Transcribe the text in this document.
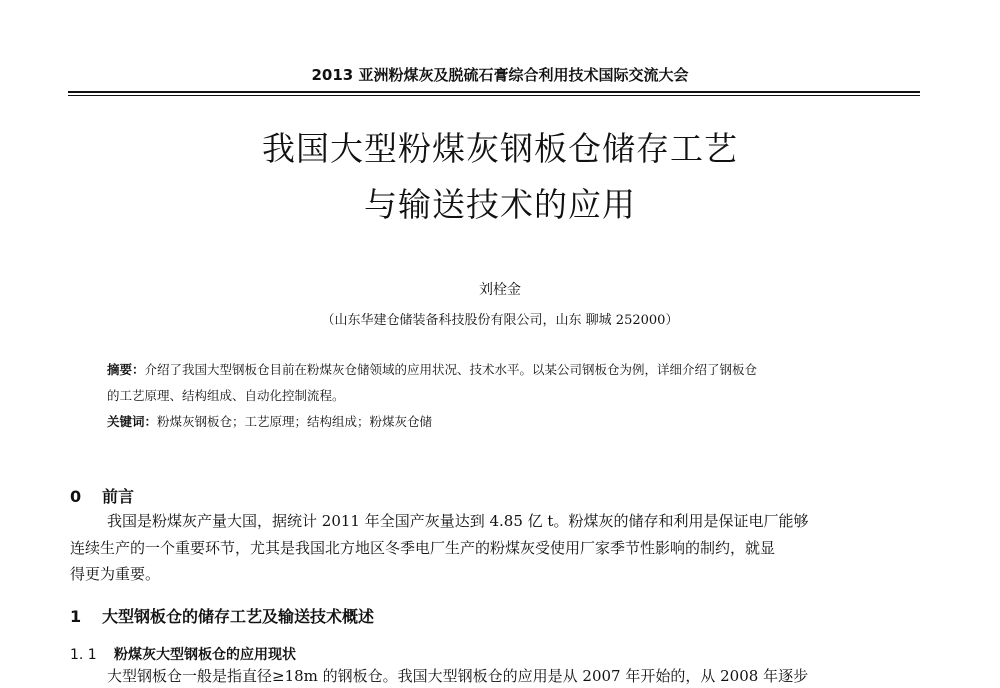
2013 亚洲粉煤灰及脱硫石膏综合利用技术国际交流大会
我国大型粉煤灰钢板仓储存工艺
与输送技术的应用
刘栓金
（山东华建仓储装备科技股份有限公司，山东 聊城 252000）
摘要：介绍了我国大型钢板仓目前在粉煤灰仓储领域的应用状况、技术水平。以某公司钢板仓为例，详细介绍了钢板仓
的工艺原理、结构组成、自动化控制流程。
关键词：粉煤灰钢板仓；工艺原理；结构组成；粉煤灰仓储
0 前言
我国是粉煤灰产量大国，据统计 2011 年全国产灰量达到 4.85 亿 t。粉煤灰的储存和利用是保证电厂能够
连续生产的一个重要环节，尤其是我国北方地区冬季电厂生产的粉煤灰受使用厂家季节性影响的制约，就显
得更为重要。
1 大型钢板仓的储存工艺及输送技术概述
1. 1 粉煤灰大型钢板仓的应用现状
大型钢板仓一般是指直径≥18m 的钢板仓。我国大型钢板仓的应用是从 2007 年开始的，从 2008 年逐步
